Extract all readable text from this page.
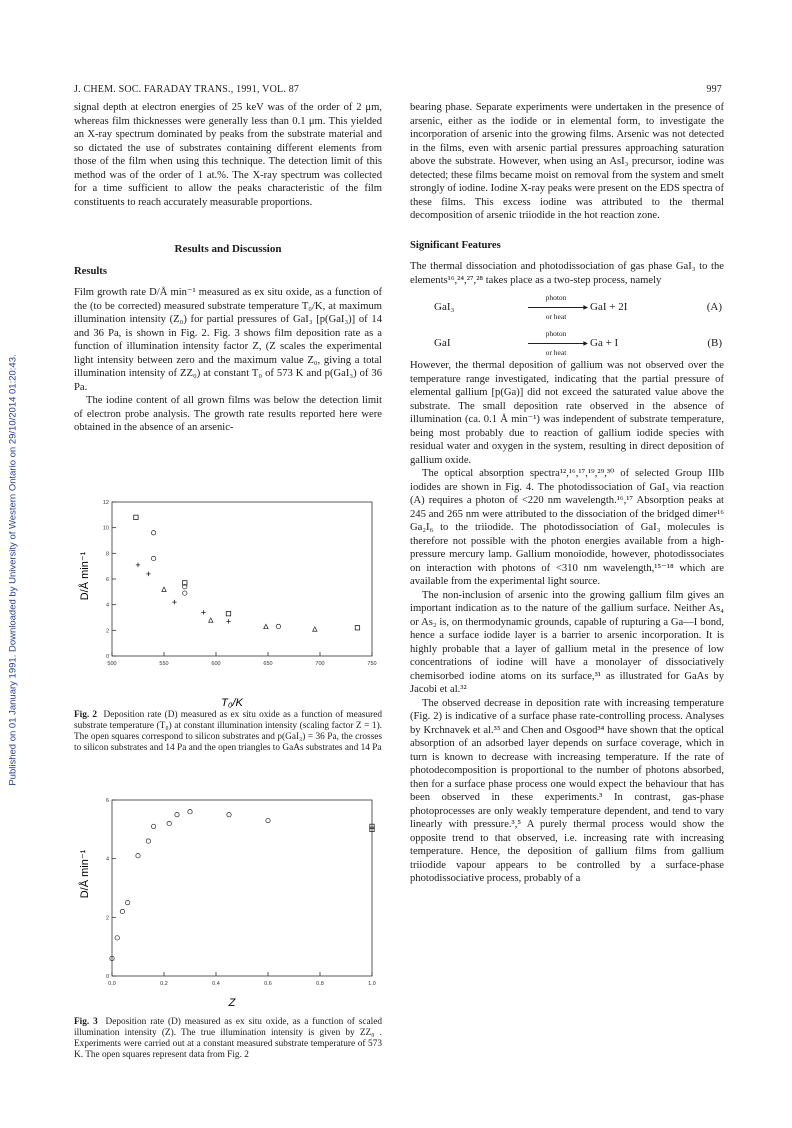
J. CHEM. SOC. FARADAY TRANS., 1991, VOL. 87	997
Published on 01 January 1991. Downloaded by University of Western Ontario on 29/10/2014 01:20:43.

signal depth at electron energies of 25 keV was of the order of 2 μm, whereas film thicknesses were generally less than 0.1 μm. This yielded an X-ray spectrum dominated by peaks from the substrate material and so dictated the use of substrates containing different elements from those of the film when using this technique. The detection limit of this method was of the order of 1 at.%. The X-ray spectrum was collected for a time sufficient to allow the peaks characteristic of the film constituents to reach accurately measurable proportions.

Results and Discussion
Results

Film growth rate D/Å min⁻¹ measured as ex situ oxide, as a function of the (to be corrected) measured substrate temperature T₀/K, at maximum illumination intensity (Z₀) for partial pressures of GaI₃ [p(GaI₃)] of 14 and 36 Pa, is shown in Fig. 2. Fig. 3 shows film deposition rate as a function of illumination intensity factor Z, (Z scales the experimental light intensity between zero and the maximum value Z₀, giving a total illumination intensity of ZZ₀) at constant T₀ of 573 K and p(GaI₃) of 36 Pa.

The iodine content of all grown films was below the detection limit of electron probe analysis. The growth rate results reported here were obtained in the absence of an arsenic-

500	550	600	650	700	750
0
2
4
6
8
10
12
T₀/K
D/Å min⁻¹
Fig. 2 Deposition rate (D) measured as ex situ oxide as a function of measured substrate temperature (T₀) at constant illumination intensity (scaling factor Z = 1). The open squares correspond to silicon substrates and p(GaI₃) = 36 Pa, the crosses to silicon substrates and 14 Pa and the open triangles to GaAs substrates and 14 Pa
0.0	0.2	0.4	0.6	0.8	1.0
0
2
4
6
Z
D/Å min⁻¹
Fig. 3 Deposition rate (D) measured as ex situ oxide, as a function of scaled illumination intensity (Z). The true illumination intensity is given by ZZ₀ . Experiments were carried out at a constant measured substrate temperature of 573 K. The open squares represent data from Fig. 2

bearing phase. Separate experiments were undertaken in the presence of arsenic, either as the iodide or in elemental form, to investigate the incorporation of arsenic into the growing films. Arsenic was not detected in the films, even with arsenic partial pressures approaching saturation above the substrate. However, when using an AsI₃ precursor, iodine was detected; these films became moist on removal from the system and smelt strongly of iodine. Iodine X-ray peaks were present on the EDS spectra of these films. This excess iodine was attributed to the thermal decomposition of arsenic triiodide in the hot reaction zone.

Significant Features

The thermal dissociation and photodissociation of gas phase GaI₃ to the elements¹⁶,²⁴,²⁷,²⁸ takes place as a two-step process, namely

GaI₃
photon
▶
or heat
GaI + 2I	(A)
GaI
photon
▶
or heat
Ga + I	(B)

However, the thermal deposition of gallium was not observed over the temperature range investigated, indicating that the partial pressure of elemental gallium [p(Ga)] did not exceed the saturated value above the substrate. The small deposition rate observed in the absence of illumination (ca. 0.1 Å min⁻¹) was independent of substrate temperature, being most probably due to reaction of gallium iodide species with residual water and oxygen in the system, resulting in direct deposition of gallium oxide.

The optical absorption spectra¹²,¹⁶,¹⁷,¹⁹,²⁹,³⁰ of selected Group IIIb iodides are shown in Fig. 4. The photodissociation of GaI₃ via reaction (A) requires a photon of <220 nm wavelength.¹⁶,¹⁷ Absorption peaks at 245 and 265 nm were attributed to the dissociation of the bridged dimer¹⁶ Ga₂I₆ to the triiodide. The photodissociation of GaI₃ molecules is therefore not possible with the photon energies available from a high-pressure mercury lamp. Gallium monoiodide, however, photodissociates on interaction with photons of <310 nm wavelength,¹⁵⁻¹⁸ which are available from the experimental light source.

The non-inclusion of arsenic into the growing gallium film gives an important indication as to the nature of the gallium surface. Neither As₄ or As₂ is, on thermodynamic grounds, capable of rupturing a Ga—I bond, hence a surface iodide layer is a barrier to arsenic incorporation. It is highly probable that a layer of gallium metal in the presence of low concentrations of iodine will have a monolayer of dissociatively chemisorbed iodine atoms on its surface,³¹ as illustrated for GaAs by Jacobi et al.³²

The observed decrease in deposition rate with increasing temperature (Fig. 2) is indicative of a surface phase rate-controlling process. Analyses by Krchnavek et al.³³ and Chen and Osgood³⁴ have shown that the optical absorption of an adsorbed layer depends on surface coverage, which in turn is known to decrease with increasing temperature. If the rate of photodecomposition is proportional to the number of photons absorbed, then for a surface phase process one would expect the behaviour that has been observed in these experiments.³ In contrast, gas-phase photoprocesses are only weakly temperature dependent, and tend to vary linearly with pressure.³,⁵ A purely thermal process would show the opposite trend to that observed, i.e. increasing rate with increasing temperature. Hence, the deposition of gallium films from gallium triiodide vapour appears to be controlled by a surface-phase photodissociative process, probably of a
